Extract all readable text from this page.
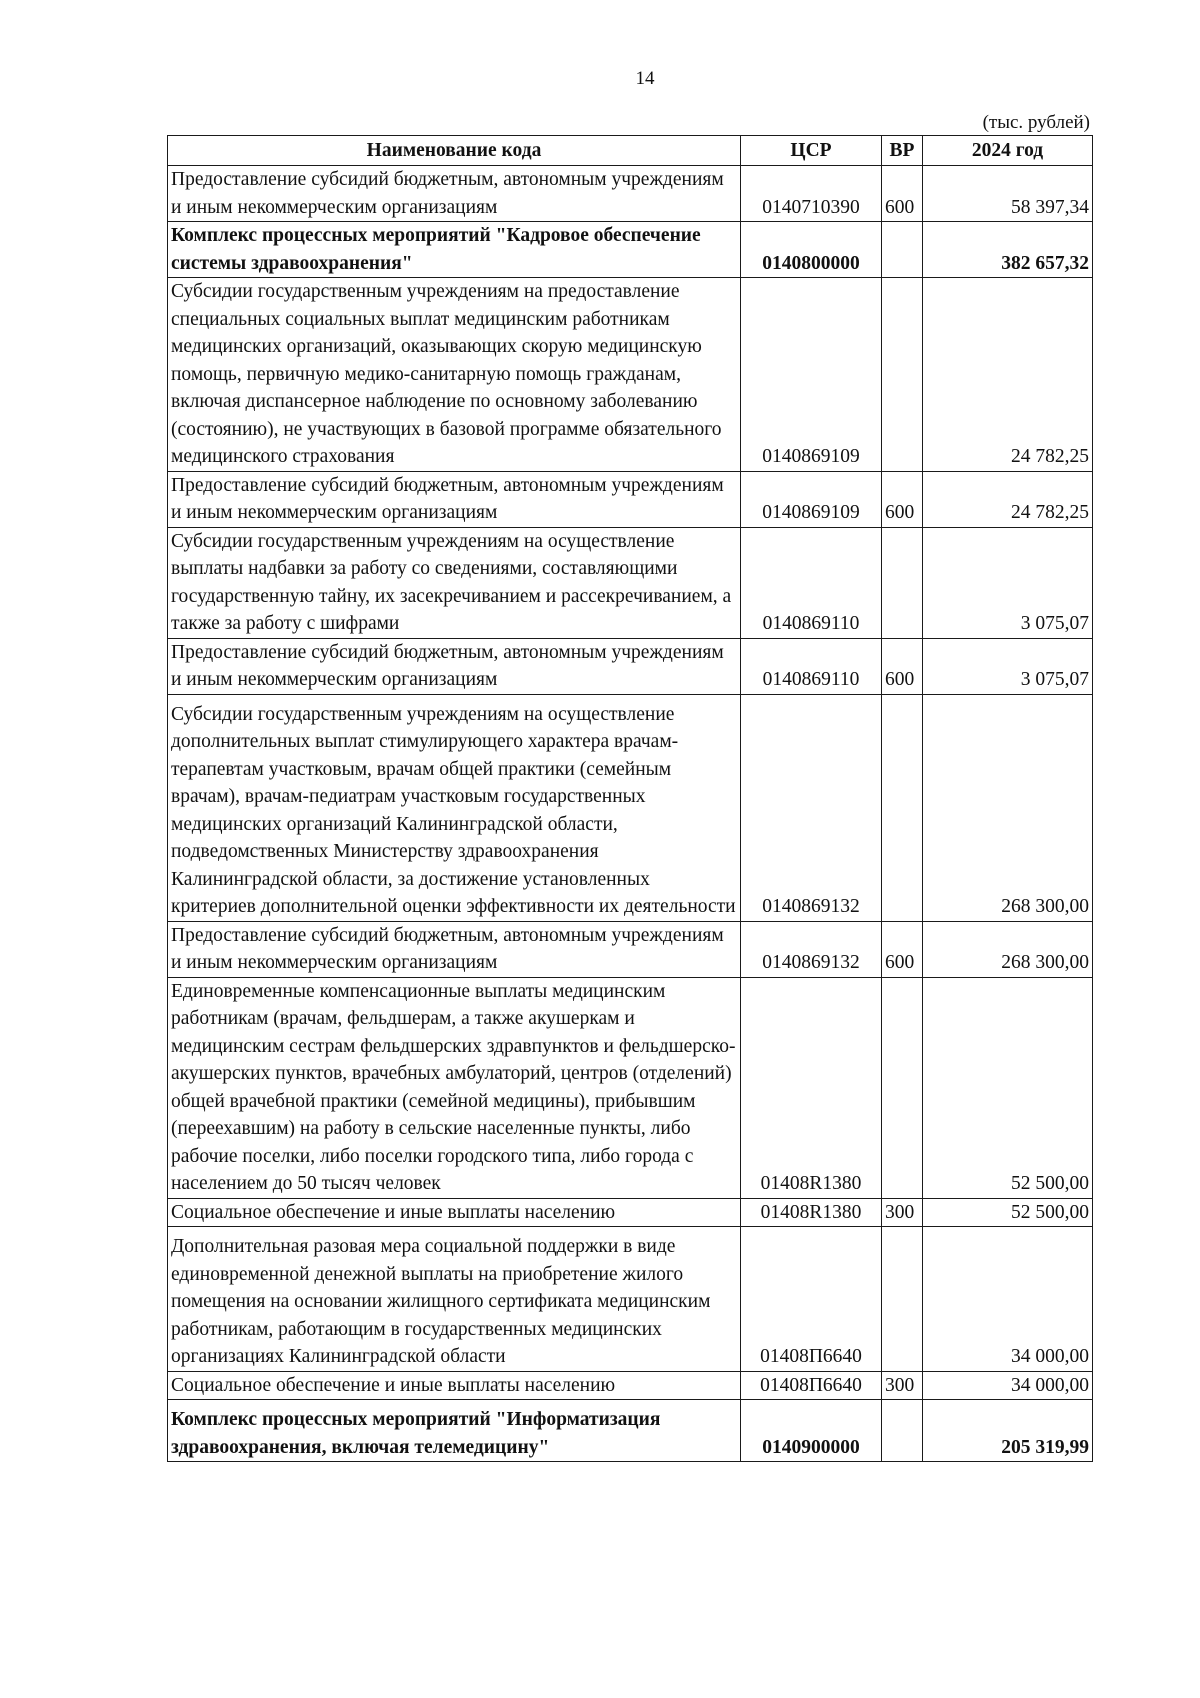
14
(тыс. рублей)
Наименование кода	ЦСР	ВР	2024 год
Предоставление субсидий бюджетным, автономным учреждениям и иным некоммерческим организациям	0140710390	600	58 397,34
Комплекс процессных мероприятий "Кадровое обеспечение системы здравоохранения"	0140800000		382 657,32
Субсидии государственным учреждениям на предоставление специальных социальных выплат медицинским работникам медицинских организаций, оказывающих скорую медицинскую помощь, первичную медико-санитарную помощь гражданам, включая диспансерное наблюдение по основному заболеванию (состоянию), не участвующих в базовой программе обязательного медицинского страхования	0140869109		24 782,25
Предоставление субсидий бюджетным, автономным учреждениям и иным некоммерческим организациям	0140869109	600	24 782,25
Субсидии государственным учреждениям на осуществление выплаты надбавки за работу со сведениями, составляющими государственную тайну, их засекречиванием и рассекречиванием, а также за работу с шифрами	0140869110		3 075,07
Предоставление субсидий бюджетным, автономным учреждениям и иным некоммерческим организациям	0140869110	600	3 075,07
Субсидии государственным учреждениям на осуществление дополнительных выплат стимулирующего характера врачам-терапевтам участковым, врачам общей практики (семейным врачам), врачам-педиатрам участковым государственных медицинских организаций Калининградской области, подведомственных Министерству здравоохранения Калининградской области, за достижение установленных критериев дополнительной оценки эффективности их деятельности	0140869132		268 300,00
Предоставление субсидий бюджетным, автономным учреждениям и иным некоммерческим организациям	0140869132	600	268 300,00
Единовременные компенсационные выплаты медицинским работникам (врачам, фельдшерам, а также акушеркам и медицинским сестрам фельдшерских здравпунктов и фельдшерско-акушерских пунктов, врачебных амбулаторий, центров (отделений) общей врачебной практики (семейной медицины), прибывшим (переехавшим) на работу в сельские населенные пункты, либо рабочие поселки, либо поселки городского типа, либо города с населением до 50 тысяч человек	01408R1380		52 500,00
Социальное обеспечение и иные выплаты населению	01408R1380	300	52 500,00
Дополнительная разовая мера социальной поддержки в виде единовременной денежной выплаты на приобретение жилого помещения на основании жилищного сертификата медицинским работникам, работающим в государственных медицинских организациях Калининградской области	01408П6640		34 000,00
Социальное обеспечение и иные выплаты населению	01408П6640	300	34 000,00
Комплекс процессных мероприятий "Информатизация здравоохранения, включая телемедицину"	0140900000		205 319,99
